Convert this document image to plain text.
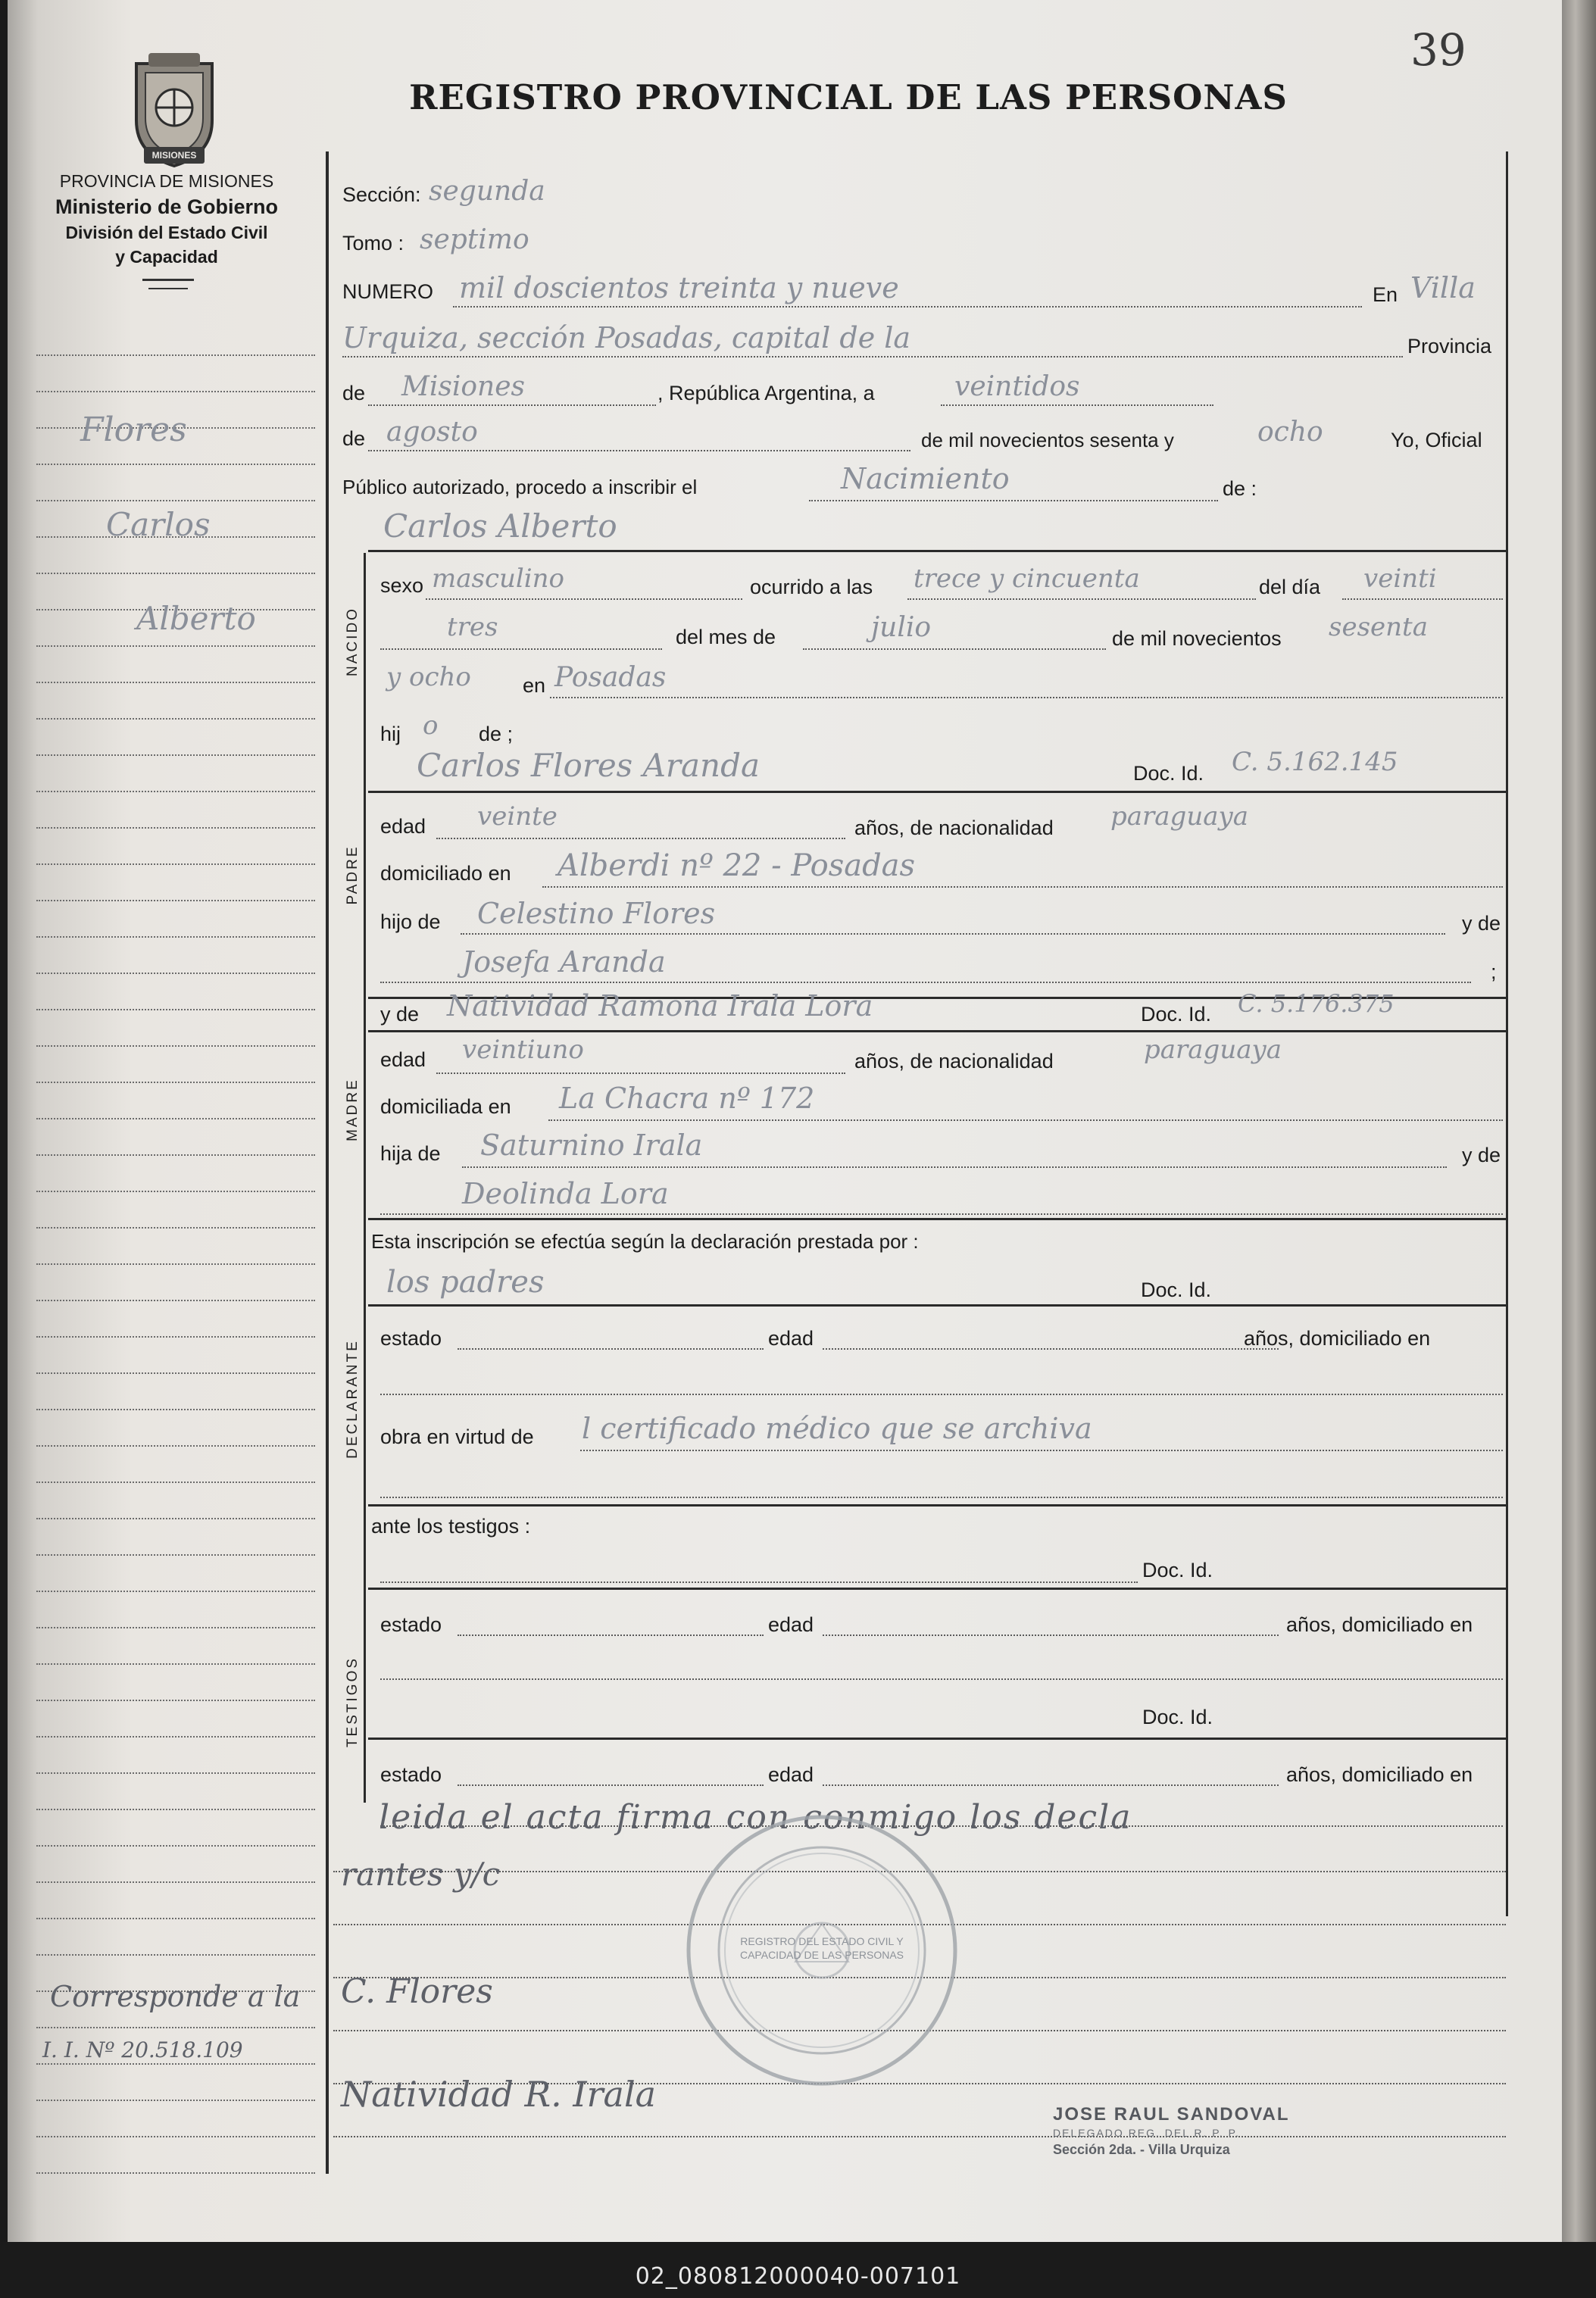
39
MISIONES
PROVINCIA DE MISIONES
Ministerio de Gobierno
División del Estado Civil
y Capacidad
REGISTRO PROVINCIAL DE LAS PERSONAS
Flores
Carlos
Alberto
Corresponde a la
I. I. Nº 20.518.109
Sección: segunda
Tomo : septimo
NUMERO mil doscientos treinta y nueve	En Villa
Urquiza, sección Posadas, capital de la	Provincia
de Misiones	, República Argentina, a	veintidos
de agosto	de mil novecientos sesenta y	ocho	Yo, Oficial
Público autorizado, procedo a inscribir el	Nacimiento	de :
Carlos Alberto
NACIDO
sexo masculino	ocurrido a las trece y cincuenta	del día veinti
tres	del mes de	julio	de mil novecientos sesenta
y ocho	en Posadas
hij o de ;
Carlos Flores Aranda	Doc. Id. C. 5.162.145
PADRE
edad veinte	años, de nacionalidad paraguaya
domiciliado en Alberdi nº 22 - Posadas
hijo de Celestino Flores	y de
Josefa Aranda	;
y de Natividad Ramona Irala Lora	Doc. Id. C. 5.176.375
MADRE
edad veintiuno	años, de nacionalidad	paraguaya
domiciliada en La Chacra nº 172
hija de Saturnino Irala	y de
Deolinda Lora
Esta inscripción se efectúa según la declaración prestada por :
los padres	Doc. Id.
DECLARANTE
estado	edad	años, domiciliado en
obra en virtud de l certificado médico que se archiva
ante los testigos :
Doc. Id.
TESTIGOS
estado	edad	años, domiciliado en
Doc. Id.
estado	edad	años, domiciliado en
leida el acta firma con conmigo los decla
rantes y/c
C. Flores
Natividad R. Irala
REGISTRO DEL ESTADO CIVIL Y CAPACIDAD DE LAS PERSONAS
JOSE RAUL SANDOVAL
DELEGADO REG. DEL R. P. P.
Sección 2da. - Villa Urquiza
02_080812000040-007101
